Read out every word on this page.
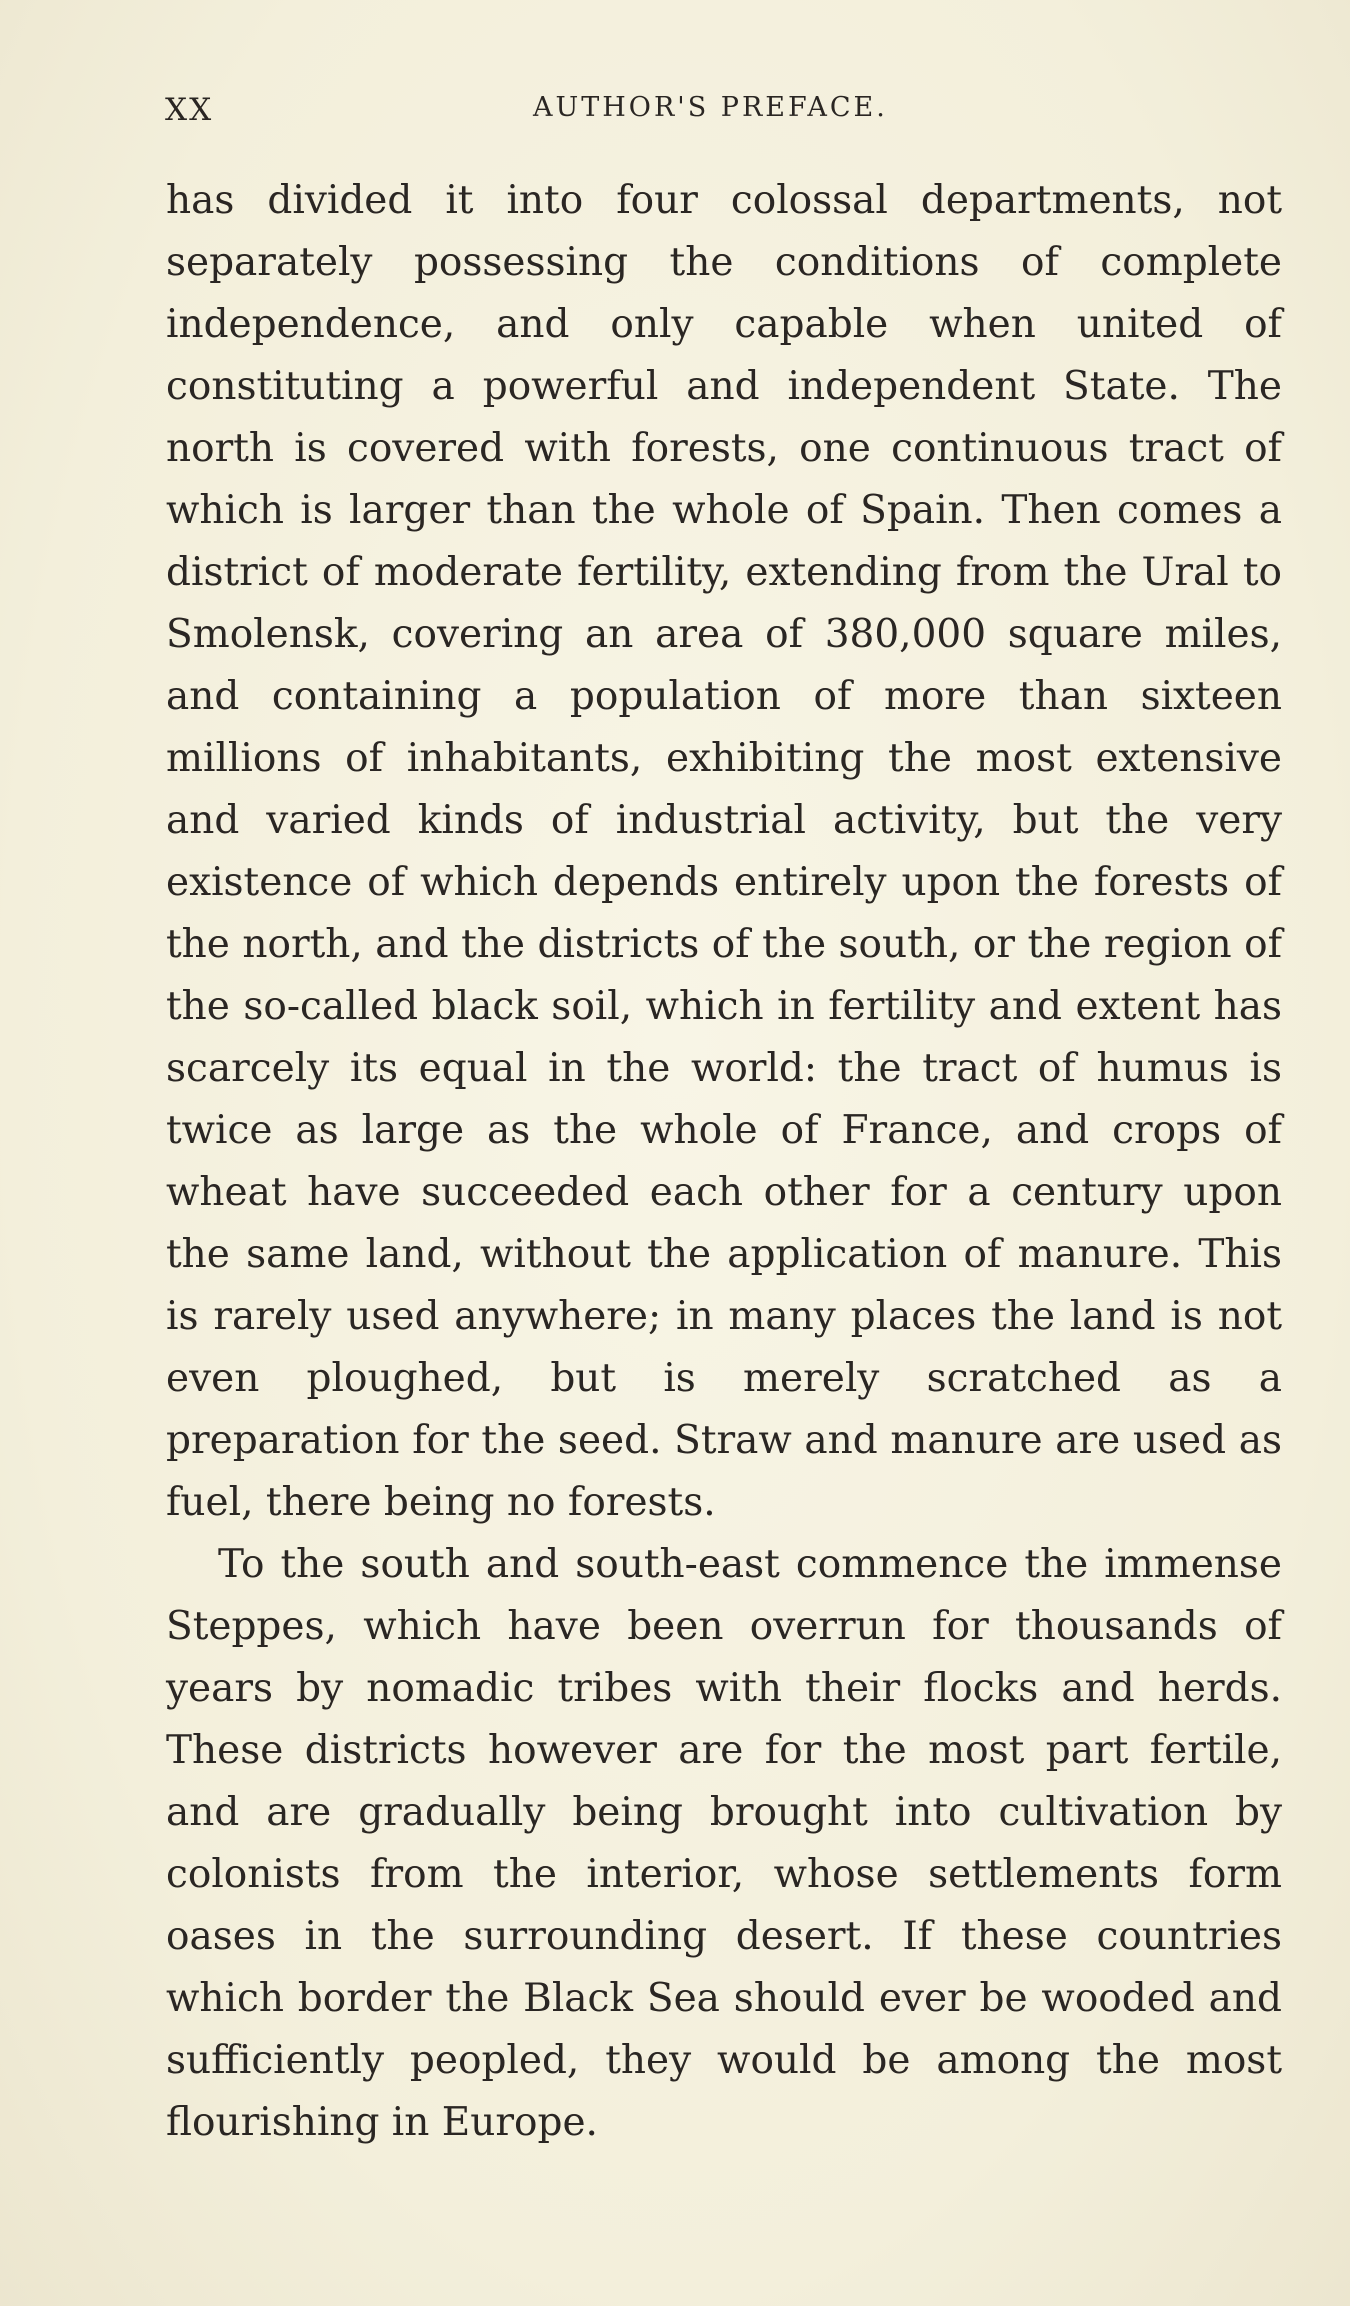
XX	AUTHOR'S PREFACE.

has divided it into four colossal departments, not separately possessing the conditions of complete independence, and only capable when united of constituting a powerful and independent State. The north is covered with forests, one continuous tract of which is larger than the whole of Spain. Then comes a district of moderate fertility, extending from the Ural to Smolensk, covering an area of 380,000 square miles, and containing a population of more than sixteen millions of inhabitants, exhibiting the most extensive and varied kinds of industrial activity, but the very existence of which depends entirely upon the forests of the north, and the districts of the south, or the region of the so-called black soil, which in fertility and extent has scarcely its equal in the world: the tract of humus is twice as large as the whole of France, and crops of wheat have succeeded each other for a century upon the same land, without the application of manure. This is rarely used anywhere; in many places the land is not even ploughed, but is merely scratched as a preparation for the seed. Straw and manure are used as fuel, there being no forests.

To the south and south-east commence the immense Steppes, which have been overrun for thousands of years by nomadic tribes with their flocks and herds. These districts however are for the most part fertile, and are gradually being brought into cultivation by colonists from the interior, whose settlements form oases in the surrounding desert. If these countries which border the Black Sea should ever be wooded and sufficiently peopled, they would be among the most flourishing in Europe.
